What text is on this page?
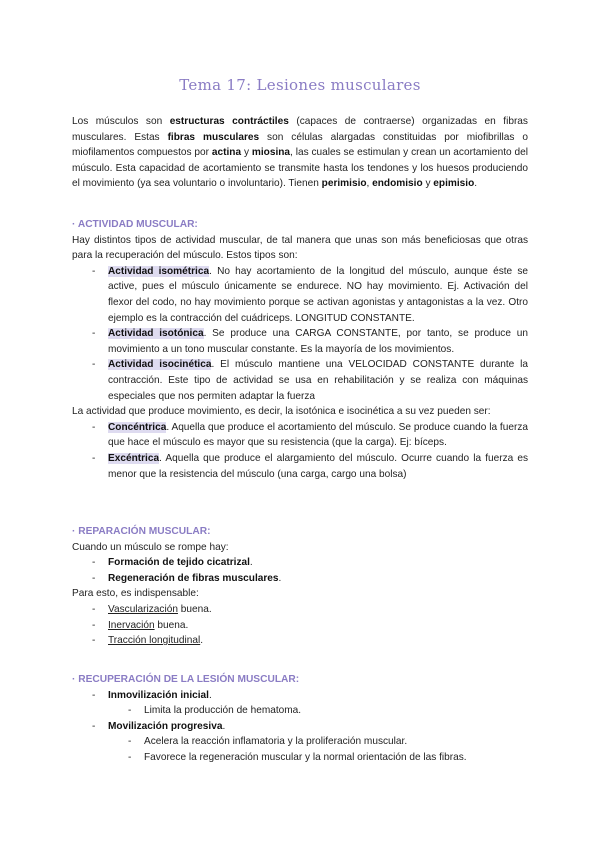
Tema 17: Lesiones musculares

Los músculos son estructuras contráctiles (capaces de contraerse) organizadas en fibras musculares. Estas fibras musculares son células alargadas constituidas por miofibrillas o miofilamentos compuestos por actina y miosina, las cuales se estimulan y crean un acortamiento del músculo. Esta capacidad de acortamiento se transmite hasta los tendones y los huesos produciendo el movimiento (ya sea voluntario o involuntario). Tienen perimisio, endomisio y epimisio.

· ACTIVIDAD MUSCULAR:

Hay distintos tipos de actividad muscular, de tal manera que unas son más beneficiosas que otras para la recuperación del músculo. Estos tipos son:

- Actividad isométrica. No hay acortamiento de la longitud del músculo, aunque éste se active, pues el músculo únicamente se endurece. NO hay movimiento. Ej. Activación del flexor del codo, no hay movimiento porque se activan agonistas y antagonistas a la vez. Otro ejemplo es la contracción del cuádriceps. LONGITUD CONSTANTE.
- Actividad isotónica. Se produce una CARGA CONSTANTE, por tanto, se produce un movimiento a un tono muscular constante. Es la mayoría de los movimientos.
- Actividad isocinética. El músculo mantiene una VELOCIDAD CONSTANTE durante la contracción. Este tipo de actividad se usa en rehabilitación y se realiza con máquinas especiales que nos permiten adaptar la fuerza

La actividad que produce movimiento, es decir, la isotónica e isocinética a su vez pueden ser:

- Concéntrica. Aquella que produce el acortamiento del músculo. Se produce cuando la fuerza que hace el músculo es mayor que su resistencia (que la carga). Ej: bíceps.
- Excéntrica. Aquella que produce el alargamiento del músculo. Ocurre cuando la fuerza es menor que la resistencia del músculo (una carga, cargo una bolsa)
· REPARACIÓN MUSCULAR:

Cuando un músculo se rompe hay:

- Formación de tejido cicatrizal.
- Regeneración de fibras musculares.

Para esto, es indispensable:

- Vascularización buena.
- Inervación buena.
- Tracción longitudinal.
· RECUPERACIÓN DE LA LESIÓN MUSCULAR:
- Inmovilización inicial.
- Limita la producción de hematoma.
- Movilización progresiva.
- Acelera la reacción inflamatoria y la proliferación muscular.
- Favorece la regeneración muscular y la normal orientación de las fibras.
